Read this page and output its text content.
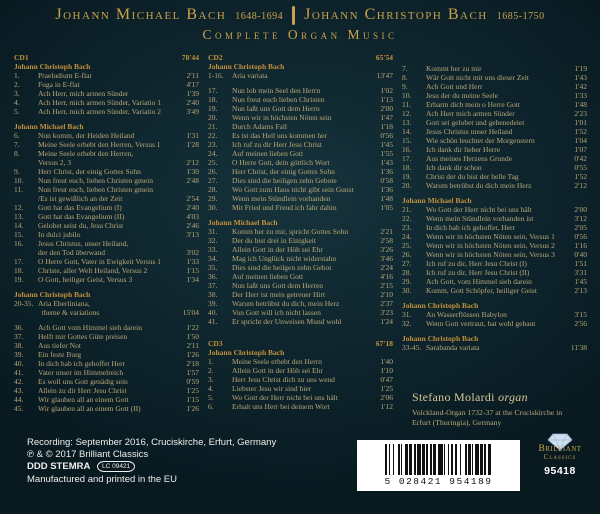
Johann Michael Bach 1648-1694 Johann Christoph Bach 1685-1750
Complete Organ Music
CD1	78'44
Johann Christoph Bach
1.	Praeludium E-flat	2'11
2.	Fuga in E-flat	4'17
3.	Ach Herr, mich armen Sünder	1'39
4.	Ach Herr, mich armen Sünder, Variatio 1	2'40
5.	Ach Herr, mich armen Sünder, Variatio 2	3'49
Johann Michael Bach
6.	Nun komm, der Heiden Heiland	1'31
7.	Meine Seele erhebt den Herren, Versus 1	1'28
8.	Meine Seele erhebt den Herren,
Versus 2, 3	2'12
9.	Herr Christ, der einig Gottes Sohn	1'30
10.	Nun freut euch, lieben Christen gmein	2'48
11.	Nun freut euch, lieben Christen gmein
/Es ist gewißlich an der Zeit	2'54
12.	Gott hat das Evangelium (I)	2'40
13.	Gott hat das Evangelium (II)	4'03
14.	Gelobet seist du, Jesu Christ	2'46
15.	In dulci jubilo	3'13
16.	Jesus Christus, unser Heiland,
der den Tod überwand	3'02
17.	O Herre Gott, Vater in Ewigkeit Versus 1	1'33
18.	Christe, aller Welt Heiland, Versus 2	1'15
19.	O Gott, heiliger Geist, Versus 3	1'34
Johann Christoph Bach
20-35. Aria Eberliniana,
theme & variations	15'04
36.	Ach Gott vom Himmel sieh darein	1'22
37.	Helft mir Gottes Güte preisen	1'50
38.	Aus tiefer Not	2'11
39.	Ein feste Burg	1'26
40.	In dich hab ich gehoffet Herr	2'18
41.	Vater unser im Himmelreich	1'57
42.	Es woll uns Gott genädig sein	0'59
43.	Allein zu dir Herr Jesu Christ	1'25
44.	Wir glauben all an einem Gott	1'15
45.	Wir glauben all an einem Gott (II)	1'26
CD2	65'54
Johann Christoph Bach
1-16.	Aria variata	13'47
17.	Nun lob mein Seel den Herrn	1'02
18.	Nun freut euch lieben Christen	1'13
19.	Nun laßt uns Gott dem Herrn	2'00
20.	Wenn wir in höchsten Nöten sein	1'47
21.	Durch Adams Fall	1'18
22.	Es ist das Heil uns kommen her	0'56
23.	Ich ruf zu dir Herr Jesu Christ	1'45
24.	Auf meinen lieben Gott	1'55
25.	O Herre Gott, dein göttlich Wort	1'43
26.	Herr Christ, der einig Gottes Sohn	1'36
27.	Dies sind die heiligen zehn Gebote	0'58
28.	Wo Gott zum Haus nicht gibt sein Gunst	1'36
29.	Wenn mein Stündlein vorhanden	1'48
30.	Mit Fried und Freud ich fahr dahin	1'05
Johann Michael Bach
31.	Komm her zu mir, spricht Gottes Sohn	2'21
32.	Der du bist drei in Einigkeit	2'58
33.	Allein Gott in der Höh sei Ehr	3'26
34.	Mag ich Unglück nicht widerstahn	3'46
35.	Dies sind die heilgen zehn Gebot	2'24
36.	Auf meinen lieben Gott	4'16
37.	Nun laßt uns Gott dem Herren	2'15
38.	Der Herr ist mein getreuer Hirt	2'10
39.	Warum betrübst du dich, mein Herz	2'37
40.	Von Gott will ich nicht lassen	3'23
41.	Er spricht der Unweisen Mund wohl	1'24
CD3	67'18
Johann Christoph Bach
1.	Meine Seele erhebt den Herrn	1'40
2.	Allein Gott in der Höh sei Ehr	1'10
3.	Herr Jesu Christ dich zu uns wend	0'47
4.	Liebster Jesu wir sind hier	1'25
5.	Wo Gott der Herr nicht bei uns hält	2'06
6.	Erhalt uns Herr bei deinem Wort	1'12
7.	Kommt her zu mir	1'19
8.	Wär Gott nicht mit uns dieser Zeit	1'43
9.	Ach Gott und Herr	1'42
10.	Jesu der du meine Seele	1'33
11.	Erbarm dich mein o Herre Gott	1'48
12.	Ach Herr mich armen Sünder	2'23
13.	Gott sei gelobet und gebenedeiet	1'01
14.	Jesus Christus unser Heiland	1'52
15.	Wie schön leuchtet der Morgenstern	1'04
16.	Ich dank dir lieber Herre	1'07
17.	Aus meines Herzens Grunde	0'42
18.	Ich dank dir schon	0'55
19.	Christ der du bist der helle Tag	1'52
20.	Warum betrübst du dich mein Herz	2'12
Johann Michael Bach
21.	Wo Gott der Herr nicht bei uns hält	2'00
22.	Wenn mein Stündlein vorhanden ist	3'12
23.	In dich hab ich gehoffet, Herr	2'05
24.	Wenn wir in höchsten Nöten sein, Versus 1	0'56
25.	Wenn wir in höchsten Nöten sein, Versus 2	1'16
26.	Wenn wir in höchsten Nöten sein, Versus 3	0'40
27.	Ich ruf zu dir, Herr Jesu Christ (I)	1'51
28.	Ich ruf zu dir, Herr Jesu Christ (II)	3'31
29.	Ach Gott, vom Himmel sieh darein	1'45
30.	Komm, Gott Schöpfer, heiliger Geist	2'13
Johann Christoph Bach
31.	An Wasserflüssen Babylon	3'15
32.	Wenn Gott vertraut, hat wohl gebaut	2'56
Johann Christoph Bach
33-45. Sarabanda variata	11'38
Stefano Molardi organ
Volckland-Organ 1732-37 at the Cruciskirche in
Erfurt (Thuringia), Germany
Recording: September 2016, Cruciskirche, Erfurt, Germany
℗ & © 2017 Brilliant Classics
DDD STEMRA LC 09421
Manufactured and printed in the EU	5 028421 954189
Brilliant
Classics
95418
